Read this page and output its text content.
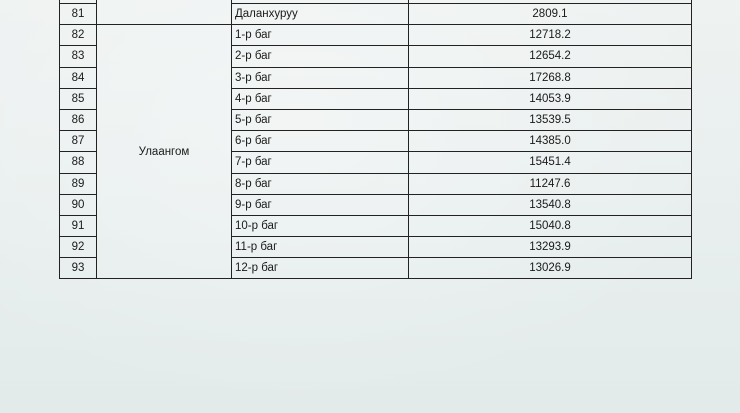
81		Даланхуруу	2809.1
82	Улаангом	1-р баг	12718.2
83		2-р баг	12654.2
84		3-р баг	17268.8
85		4-р баг	14053.9
86		5-р баг	13539.5
87		6-р баг	14385.0
88		7-р баг	15451.4
89		8-р баг	11247.6
90		9-р баг	13540.8
91		10-р баг	15040.8
92		11-р баг	13293.9
93		12-р баг	13026.9
